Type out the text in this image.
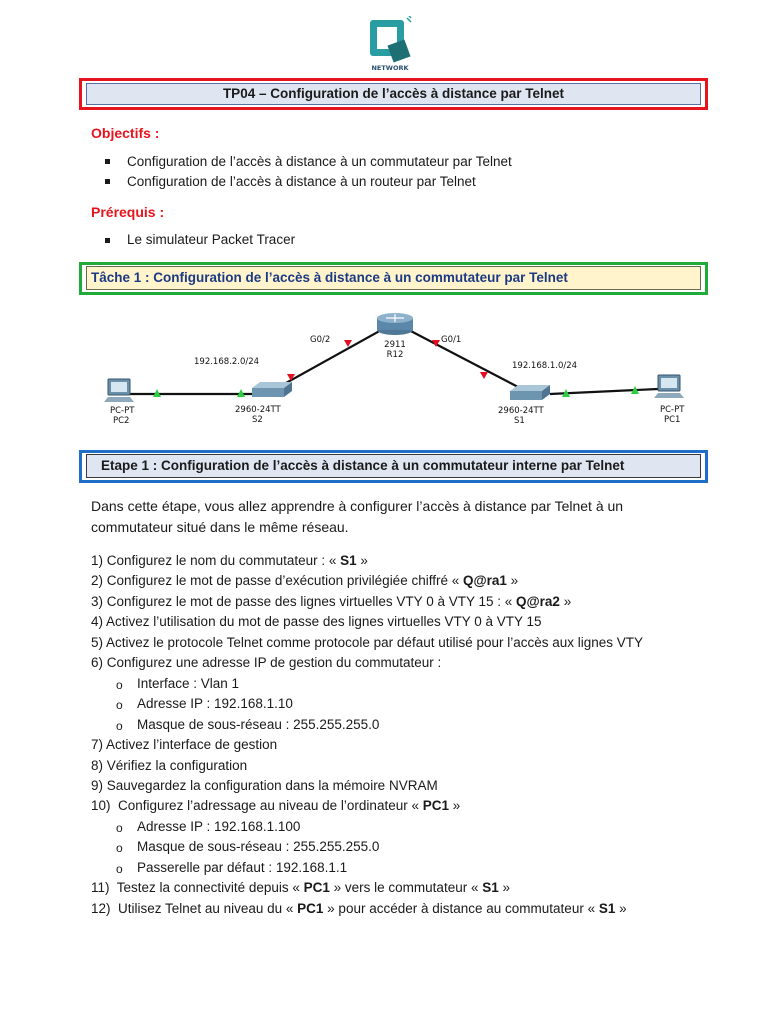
NETWORK
TP04 – Configuration de l’accès à distance par Telnet
Objectifs :
Configuration de l’accès à distance à un commutateur par Telnet
Configuration de l’accès à distance à un routeur par Telnet
Prérequis :
Le simulateur Packet Tracer
Tâche 1 : Configuration de l’accès à distance à un commutateur par Telnet
2911
R12
G0/2	G0/1
192.168.2.0/24	192.168.1.0/24
2960-24TT
S2
2960-24TT
S1
PC-PT
PC2
PC-PT
PC1
Etape 1 : Configuration de l’accès à distance à un commutateur interne par Telnet
Dans cette étape, vous allez apprendre à configurer l’accès à distance par Telnet à un commutateur situé dans le même réseau.
1) Configurez le nom du commutateur : « S1 »
2) Configurez le mot de passe d’exécution privilégiée chiffré « Q@ra1 »
3) Configurez le mot de passe des lignes virtuelles VTY 0 à VTY 15 : « Q@ra2 »
4) Activez l’utilisation du mot de passe des lignes virtuelles VTY 0 à VTY 15
5) Activez le protocole Telnet comme protocole par défaut utilisé pour l’accès aux lignes VTY
6) Configurez une adresse IP de gestion du commutateur :
o Interface : Vlan 1
o Adresse IP : 192.168.1.10
o Masque de sous-réseau : 255.255.255.0
7) Activez l’interface de gestion
8) Vérifiez la configuration
9) Sauvegardez la configuration dans la mémoire NVRAM
10) Configurez l’adressage au niveau de l’ordinateur « PC1 »
o Adresse IP : 192.168.1.100
o Masque de sous-réseau : 255.255.255.0
o Passerelle par défaut : 192.168.1.1
11) Testez la connectivité depuis « PC1 » vers le commutateur « S1 »
12) Utilisez Telnet au niveau du « PC1 » pour accéder à distance au commutateur « S1 »
